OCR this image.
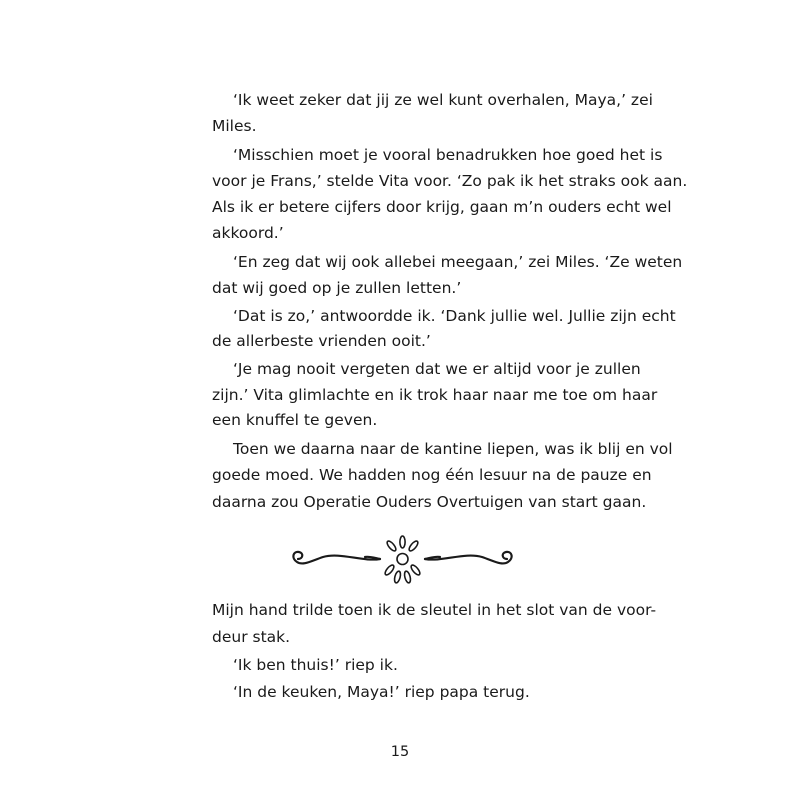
‘Ik weet zeker dat jij ze wel kunt overhalen, Maya,’ zei
Miles.
‘Misschien moet je vooral benadrukken hoe goed het is
voor je Frans,’ stelde Vita voor. ‘Zo pak ik het straks ook aan.
Als ik er betere cijfers door krijg, gaan m’n ouders echt wel
akkoord.’
‘En zeg dat wij ook allebei meegaan,’ zei Miles. ‘Ze weten
dat wij goed op je zullen letten.’
‘Dat is zo,’ antwoordde ik. ‘Dank jullie wel. Jullie zijn echt
de allerbeste vrienden ooit.’
‘Je mag nooit vergeten dat we er altijd voor je zullen
zijn.’ Vita glimlachte en ik trok haar naar me toe om haar
een knuffel te geven.
Toen we daarna naar de kantine liepen, was ik blij en vol
goede moed. We hadden nog één lesuur na de pauze en
daarna zou Operatie Ouders Overtuigen van start gaan.
Mijn hand trilde toen ik de sleutel in het slot van de voor-
deur stak.
‘Ik ben thuis!’ riep ik.
‘In de keuken, Maya!’ riep papa terug.
15
